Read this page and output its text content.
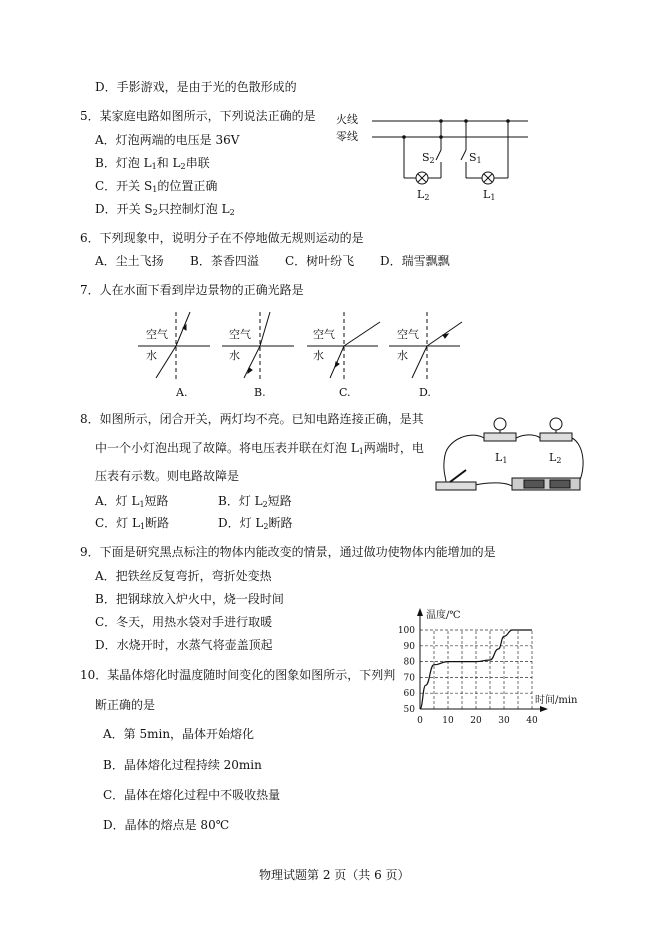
D．手影游戏，是由于光的色散形成的
5．某家庭电路如图所示，下列说法正确的是
A．灯泡两端的电压是 36V
B．灯泡 $L_1$和 $L_2$串联
C．开关 $S_1$的位置正确
D．开关 $S_2$只控制灯泡 $L_2$
火线
零线
$S_2$	$S_1$
$L_2$	$L_1$
6．下列现象中，说明分子在不停地做无规则运动的是
A．尘土飞扬 B．茶香四溢 C．树叶纷飞 D．瑞雪飘飘
7．人在水面下看到岸边景物的正确光路是
空气
水
空气
水
空气
水
空气
水
A.	B.	C.	D.
8．如图所示，闭合开关，两灯均不亮。已知电路连接正确，是其
中一个小灯泡出现了故障。将电压表并联在灯泡 $L_1$两端时，电
压表有示数。则电路故障是
A．灯 $L_1$短路	B．灯 $L_2$短路
C．灯 $L_1$断路	D．灯 $L_2$断路
$L_1$	$L_2$
9．下面是研究黑点标注的物体内能改变的情景，通过做功使物体内能增加的是
A．把铁丝反复弯折，弯折处变热
B．把钢球放入炉火中，烧一段时间
C．冬天，用热水袋对手进行取暖
D．水烧开时，水蒸气将壶盖顶起
10．某晶体熔化时温度随时间变化的图象如图所示，下列判
断正确的是
A．第 5min，晶体开始熔化
B．晶体熔化过程持续 20min
C．晶体在熔化过程中不吸收热量
D．晶体的熔点是 80℃
50
60
70
80
90
100
0 10 20 30 40
温度/℃
时间/min
物理试题第 2 页（共 6 页）
